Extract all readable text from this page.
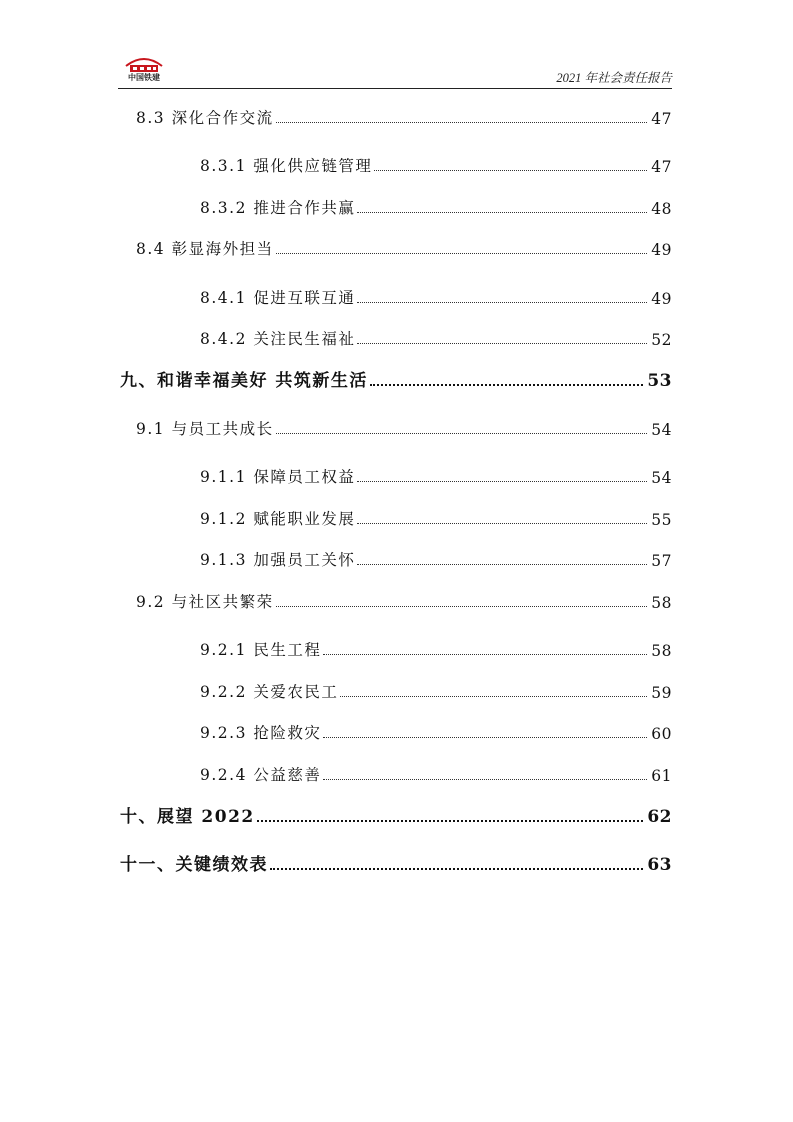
中国铁建	2021 年社会责任报告
8.3 深化合作交流	47
8.3.1 强化供应链管理	47
8.3.2 推进合作共赢	48
8.4 彰显海外担当	49
8.4.1 促进互联互通	49
8.4.2 关注民生福祉	52
九、和谐幸福美好 共筑新生活	53
9.1 与员工共成长	54
9.1.1 保障员工权益	54
9.1.2 赋能职业发展	55
9.1.3 加强员工关怀	57
9.2 与社区共繁荣	58
9.2.1 民生工程	58
9.2.2 关爱农民工	59
9.2.3 抢险救灾	60
9.2.4 公益慈善	61
十、展望 2022	62
十一、关键绩效表	63
